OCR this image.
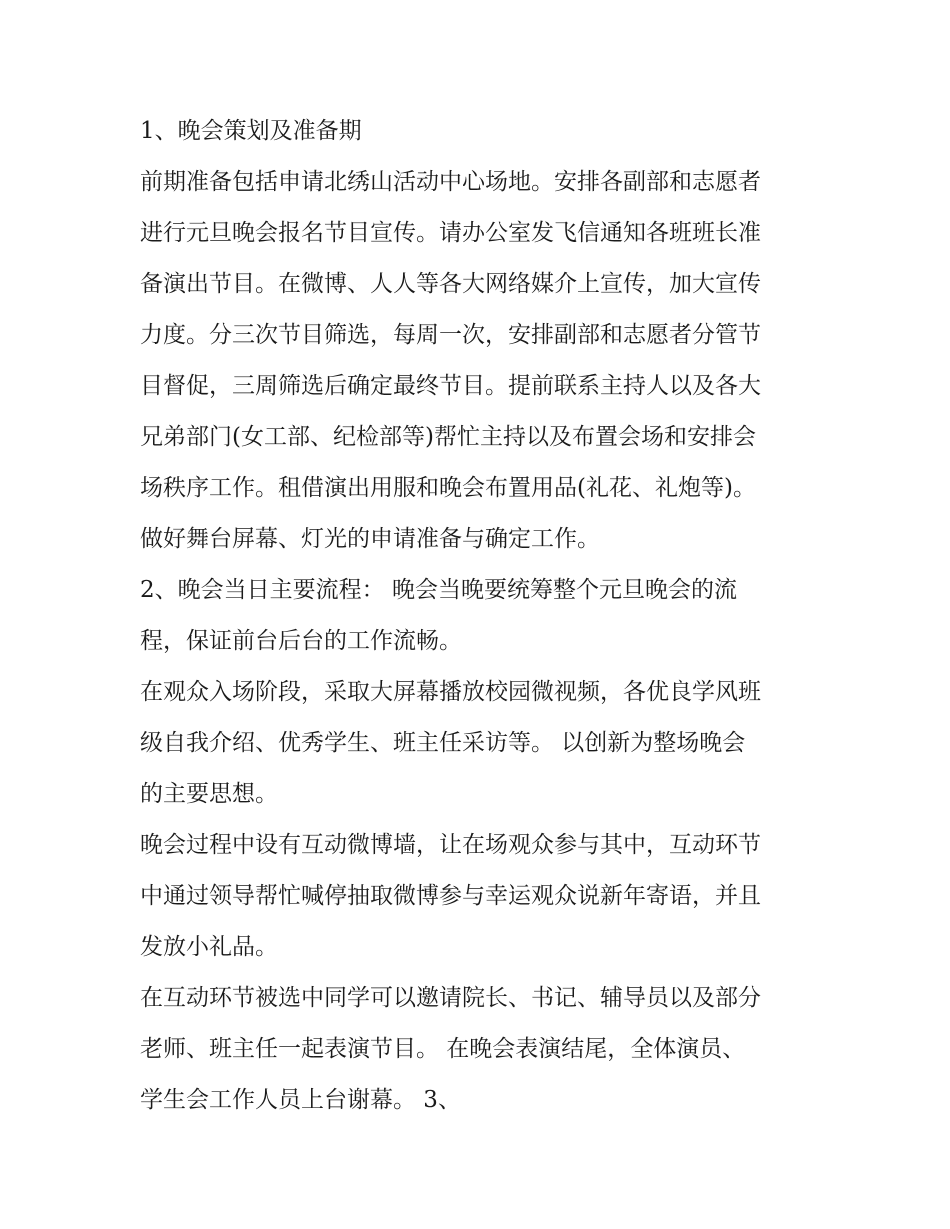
1、晚会策划及准备期
前期准备包括申请北绣山活动中心场地。安排各副部和志愿者
进行元旦晚会报名节目宣传。请办公室发飞信通知各班班长准
备演出节目。在微博、人人等各大网络媒介上宣传，加大宣传
力度。分三次节目筛选，每周一次，安排副部和志愿者分管节
目督促，三周筛选后确定最终节目。提前联系主持人以及各大
兄弟部门(女工部、纪检部等)帮忙主持以及布置会场和安排会
场秩序工作。租借演出用服和晚会布置用品(礼花、礼炮等)。
做好舞台屏幕、灯光的申请准备与确定工作。
2、晚会当日主要流程： 晚会当晚要统筹整个元旦晚会的流
程，保证前台后台的工作流畅。
在观众入场阶段，采取大屏幕播放校园微视频，各优良学风班
级自我介绍、优秀学生、班主任采访等。 以创新为整场晚会
的主要思想。
晚会过程中设有互动微博墙，让在场观众参与其中，互动环节
中通过领导帮忙喊停抽取微博参与幸运观众说新年寄语，并且
发放小礼品。
在互动环节被选中同学可以邀请院长、书记、辅导员以及部分
老师、班主任一起表演节目。 在晚会表演结尾，全体演员、
学生会工作人员上台谢幕。 3、
